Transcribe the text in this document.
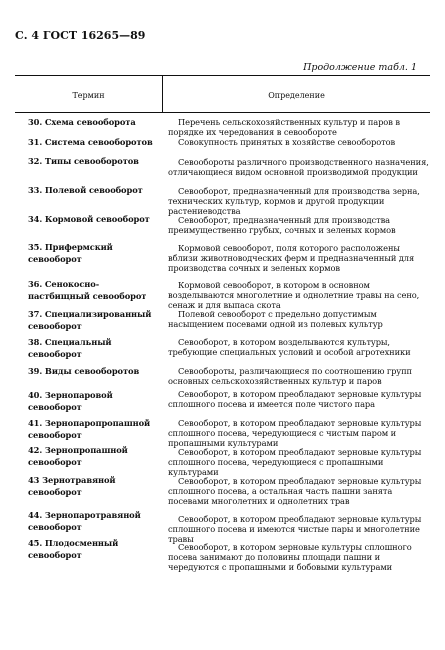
С. 4 ГОСТ 16265—89
Продолжение табл. 1
Термин	Определение
30. Схема севооборота
31. Система севооборотов
32. Типы севооборотов
33. Полевой севооборот
34. Кормовой севооборот
35. Прифермский севооборот
36. Сенокосно-пастбищный севооборот
37. Специализированный севооборот
38. Специальный севооборот
39. Виды севооборотов
40. Зернопаровой севооборот
41. Зернопаропропашной севооборот
42. Зернопропашной севооборот
43 Зернотравяной севооборот
44. Зернопаротравяной севооборот
45. Плодосменный севооборот
Перечень сельскохозяйственных культур и паров в порядке их чередования в севообороте
Совокупность принятых в хозяйстве севооборотов
Севообороты различного производственного назначения, отличающиеся видом основной производимой продукции
Севооборот, предназначенный для производства зерна, технических культур, кормов и другой продукции растениеводства
Севооборот, предназначенный для производства преимущественно грубых, сочных и зеленых кормов
Кормовой севооборот, поля которого расположены вблизи животноводческих ферм и предназначенный для производства сочных и зеленых кормов
Кормовой севооборот, в котором в основном возделываются многолетние и однолетние травы на сено, сенаж и для выпаса скота
Полевой севооборот с предельно допустимым насыщением посевами одной из полевых культур
Севооборот, в котором возделываются культуры, требующие специальных условий и особой агротехники
Севообороты, различающиеся по соотношению групп основных сельскохозяйственных культур и паров
Севооборот, в котором преобладают зерновые культуры сплошного посева и имеется поле чистого пара
Севооборот, в котором преобладают зерновые культуры сплошного посева, чередующиеся с чистым паром и пропашными культурами
Севооборот, в котором преобладают зерновые культуры сплошного посева, чередующиеся с пропашными культурами
Севооборот, в котором преобладают зерновые культуры сплошного посева, а остальная часть пашни занята посевами многолетних и однолетних трав
Севооборот, в котором преобладают зерновые культуры сплошного посева и имеются чистые пары и многолетние травы
Севооборот, в котором зерновые культуры сплошного посева занимают до половины площади пашни и чередуются с пропашными и бобовыми культурами
